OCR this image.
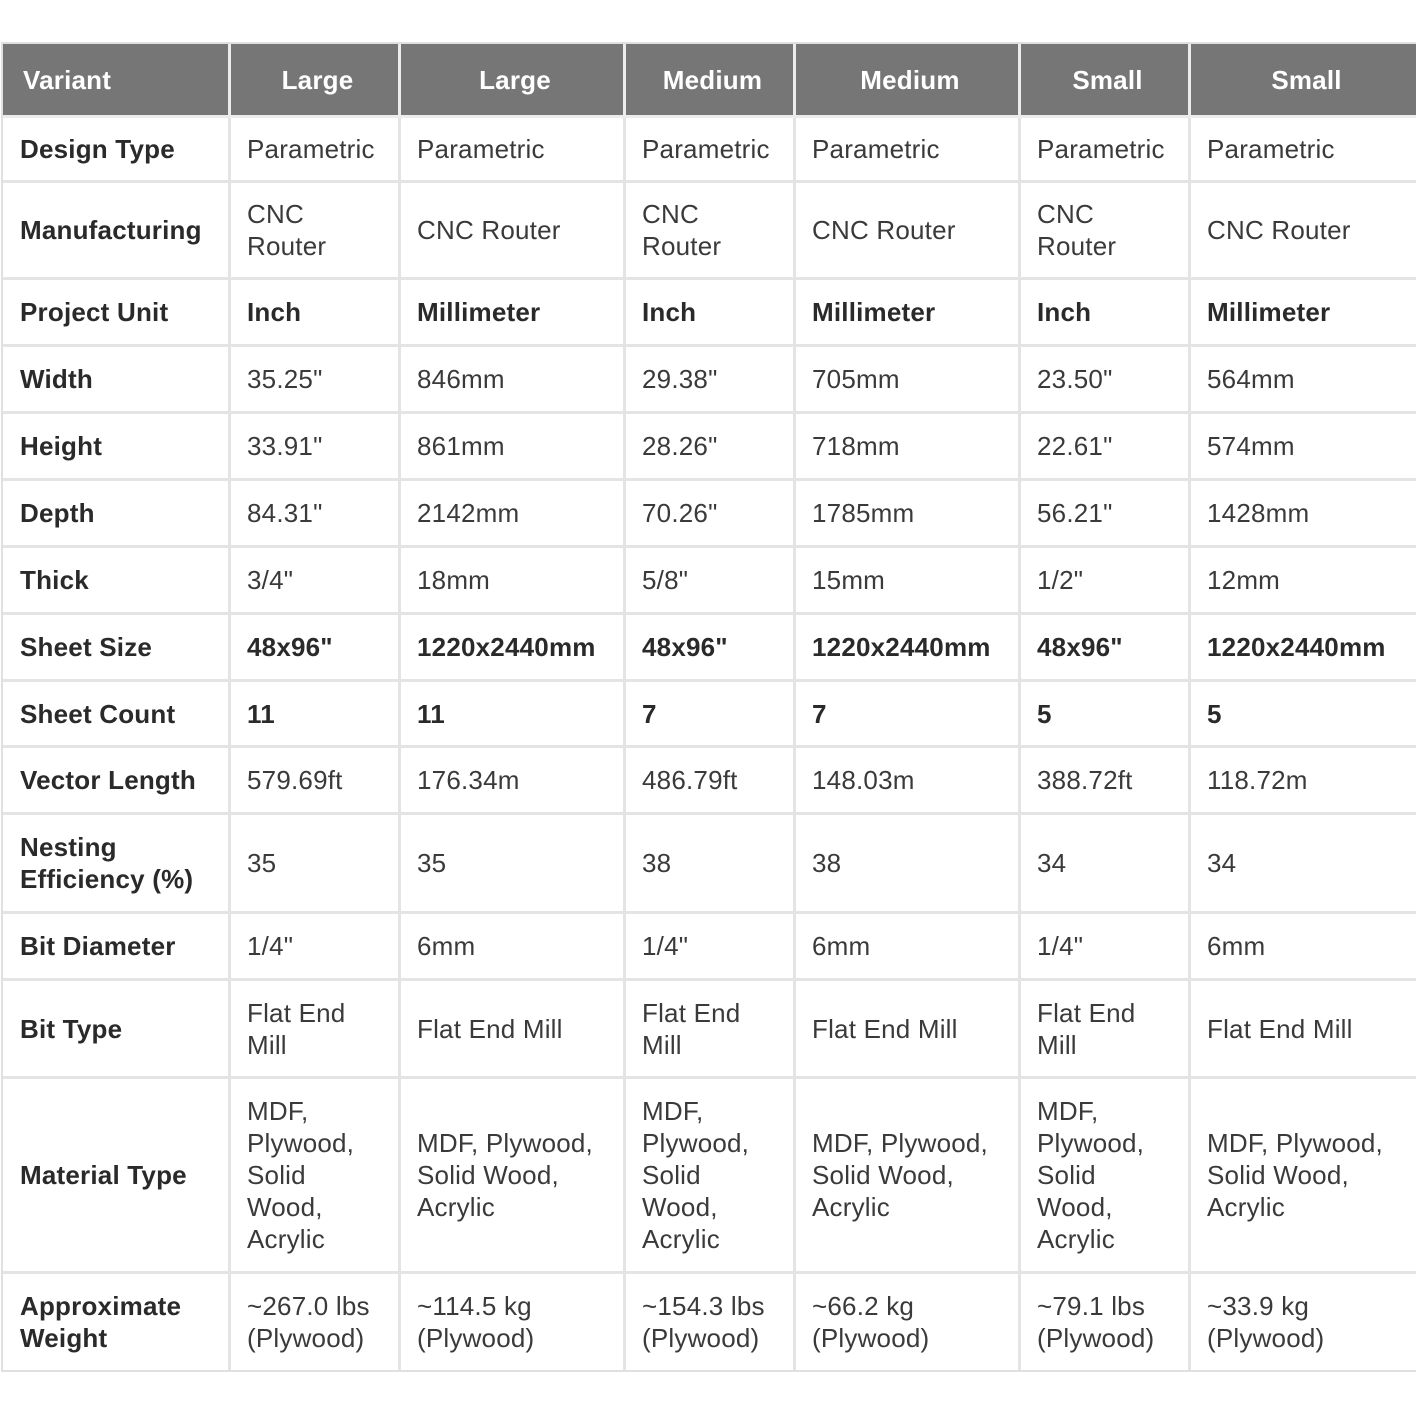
Variant	Large	Large	Medium	Medium	Small	Small
Design Type	Parametric	Parametric	Parametric	Parametric	Parametric	Parametric
Manufacturing	CNC Router	CNC Router	CNC Router	CNC Router	CNC Router	CNC Router
Project Unit	Inch	Millimeter	Inch	Millimeter	Inch	Millimeter
Width	35.25"	846mm	29.38"	705mm	23.50"	564mm
Height	33.91"	861mm	28.26"	718mm	22.61"	574mm
Depth	84.31"	2142mm	70.26"	1785mm	56.21"	1428mm
Thick	3/4"	18mm	5/8"	15mm	1/2"	12mm
Sheet Size	48x96"	1220x2440mm	48x96"	1220x2440mm	48x96"	1220x2440mm
Sheet Count	11	11	7	7	5	5
Vector Length	579.69ft	176.34m	486.79ft	148.03m	388.72ft	118.72m
Nesting Efficiency (%)	35	35	38	38	34	34
Bit Diameter	1/4"	6mm	1/4"	6mm	1/4"	6mm
Bit Type	Flat End Mill	Flat End Mill	Flat End Mill	Flat End Mill	Flat End Mill	Flat End Mill
Material Type	MDF, Plywood, Solid Wood, Acrylic	MDF, Plywood, Solid Wood, Acrylic	MDF, Plywood, Solid Wood, Acrylic	MDF, Plywood, Solid Wood, Acrylic	MDF, Plywood, Solid Wood, Acrylic	MDF, Plywood, Solid Wood, Acrylic
Approximate Weight	~267.0 lbs (Plywood)	~114.5 kg (Plywood)	~154.3 lbs (Plywood)	~66.2 kg (Plywood)	~79.1 lbs (Plywood)	~33.9 kg (Plywood)
